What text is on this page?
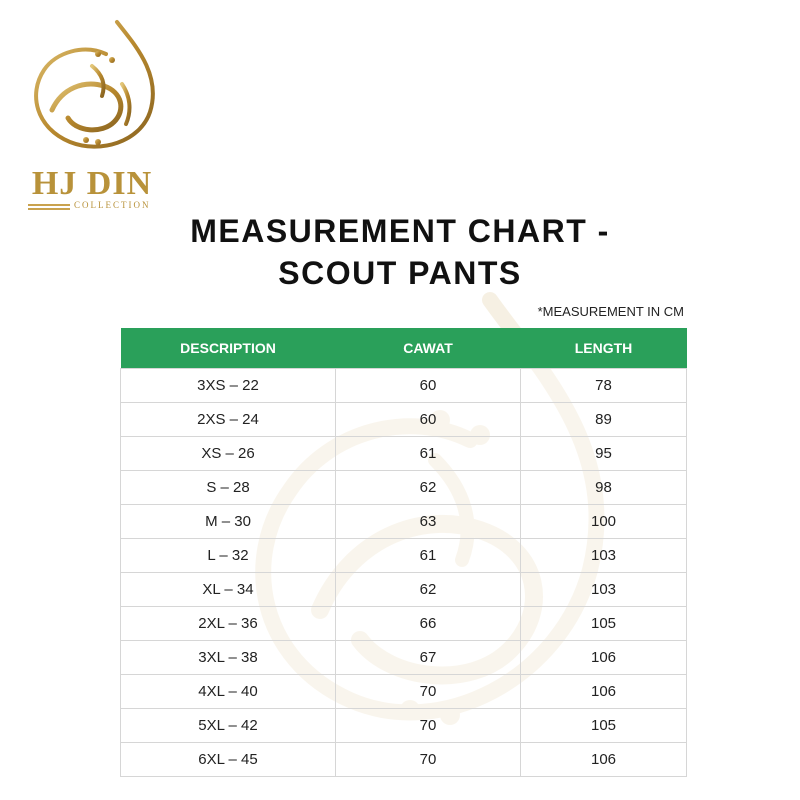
HJ DIN
COLLECTION
MEASUREMENT CHART -
SCOUT PANTS
*MEASUREMENT IN CM
DESCRIPTION	CAWAT	LENGTH
3XS – 22	60	78
2XS – 24	60	89
XS – 26	61	95
S – 28	62	98
M – 30	63	100
L – 32	61	103
XL – 34	62	103
2XL – 36	66	105
3XL – 38	67	106
4XL – 40	70	106
5XL – 42	70	105
6XL – 45	70	106
